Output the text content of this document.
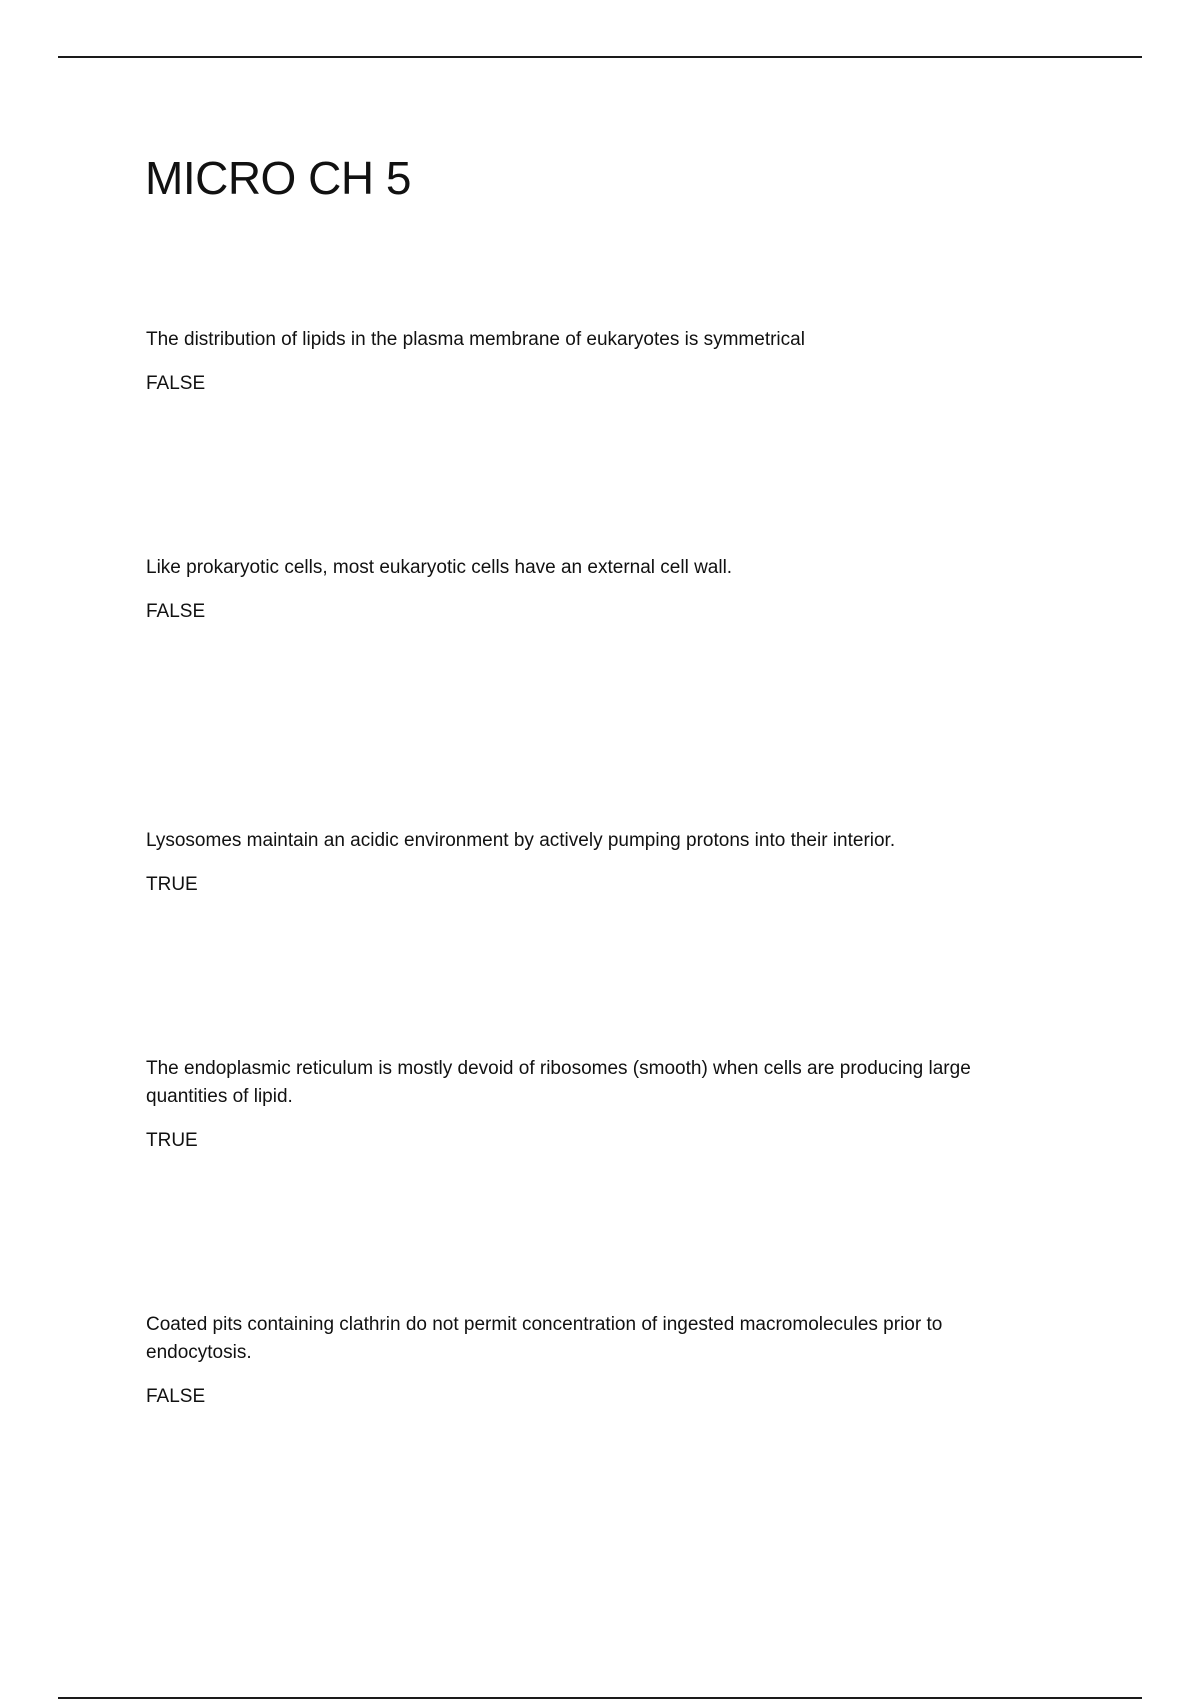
MICRO CH 5

The distribution of lipids in the plasma membrane of eukaryotes is symmetrical

FALSE

Like prokaryotic cells, most eukaryotic cells have an external cell wall.

FALSE

Lysosomes maintain an acidic environment by actively pumping protons into their interior.

TRUE

The endoplasmic reticulum is mostly devoid of ribosomes (smooth) when cells are producing large quantities of lipid.

TRUE

Coated pits containing clathrin do not permit concentration of ingested macromolecules prior to endocytosis.

FALSE
